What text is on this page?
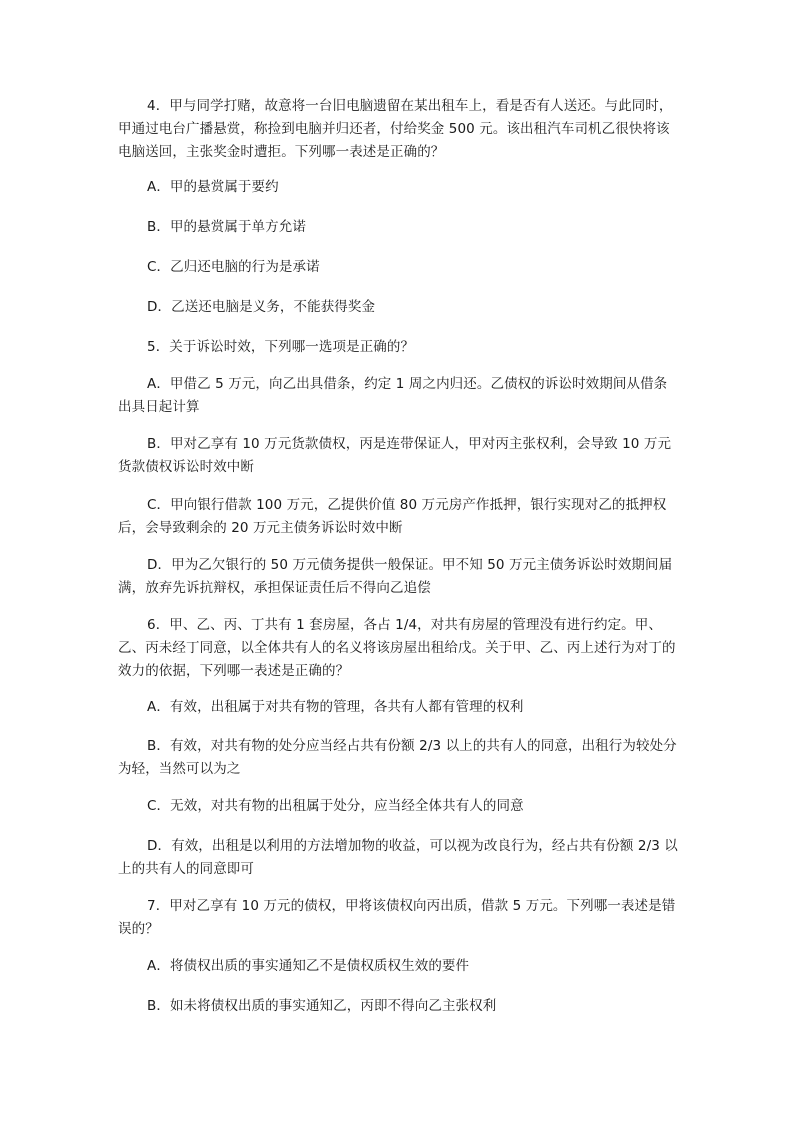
4．甲与同学打赌，故意将一台旧电脑遗留在某出租车上，看是否有人送还。与此同时，甲通过电台广播悬赏，称捡到电脑并归还者，付给奖金 500 元。该出租汽车司机乙很快将该电脑送回，主张奖金时遭拒。下列哪一表述是正确的？

A．甲的悬赏属于要约

B．甲的悬赏属于单方允诺

C．乙归还电脑的行为是承诺

D．乙送还电脑是义务，不能获得奖金

5．关于诉讼时效，下列哪一选项是正确的？

A．甲借乙 5 万元，向乙出具借条，约定 1 周之内归还。乙债权的诉讼时效期间从借条出具日起计算

B．甲对乙享有 10 万元货款债权，丙是连带保证人，甲对丙主张权利，会导致 10 万元货款债权诉讼时效中断

C．甲向银行借款 100 万元，乙提供价值 80 万元房产作抵押，银行实现对乙的抵押权后，会导致剩余的 20 万元主债务诉讼时效中断

D．甲为乙欠银行的 50 万元债务提供一般保证。甲不知 50 万元主债务诉讼时效期间届满，放弃先诉抗辩权，承担保证责任后不得向乙追偿

6．甲、乙、丙、丁共有 1 套房屋，各占 1/4，对共有房屋的管理没有进行约定。甲、乙、丙未经丁同意，以全体共有人的名义将该房屋出租给戊。关于甲、乙、丙上述行为对丁的效力的依据，下列哪一表述是正确的？

A．有效，出租属于对共有物的管理，各共有人都有管理的权利

B．有效，对共有物的处分应当经占共有份额 2/3 以上的共有人的同意，出租行为较处分为轻，当然可以为之

C．无效，对共有物的出租属于处分，应当经全体共有人的同意

D．有效，出租是以利用的方法增加物的收益，可以视为改良行为，经占共有份额 2/3 以上的共有人的同意即可

7．甲对乙享有 10 万元的债权，甲将该债权向丙出质，借款 5 万元。下列哪一表述是错误的？

A．将债权出质的事实通知乙不是债权质权生效的要件

B．如未将债权出质的事实通知乙，丙即不得向乙主张权利
